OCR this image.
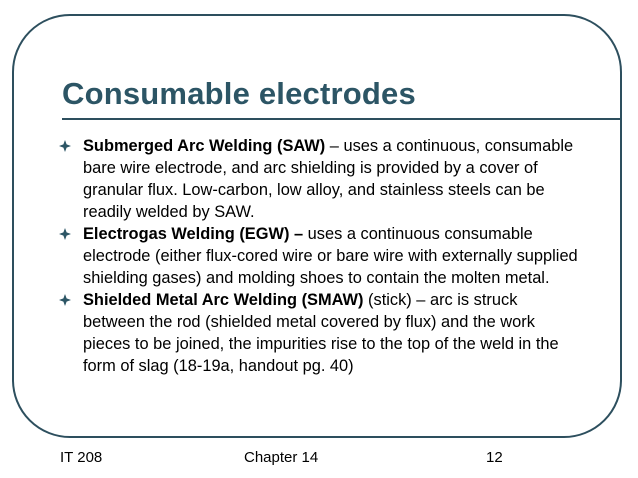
Consumable electrodes
Submerged Arc Welding (SAW) – uses a continuous, consumable bare wire electrode, and arc shielding is provided by a cover of granular flux. Low-carbon, low alloy, and stainless steels can be readily welded by SAW.
Electrogas Welding (EGW) – uses a continuous consumable electrode (either flux-cored wire or bare wire with externally supplied shielding gases) and molding shoes to contain the molten metal.
Shielded Metal Arc Welding (SMAW) (stick) – arc is struck between the rod (shielded metal covered by flux) and the work pieces to be joined, the impurities rise to the top of the weld in the form of slag (18-19a, handout pg. 40)
IT 208	Chapter 14	12
